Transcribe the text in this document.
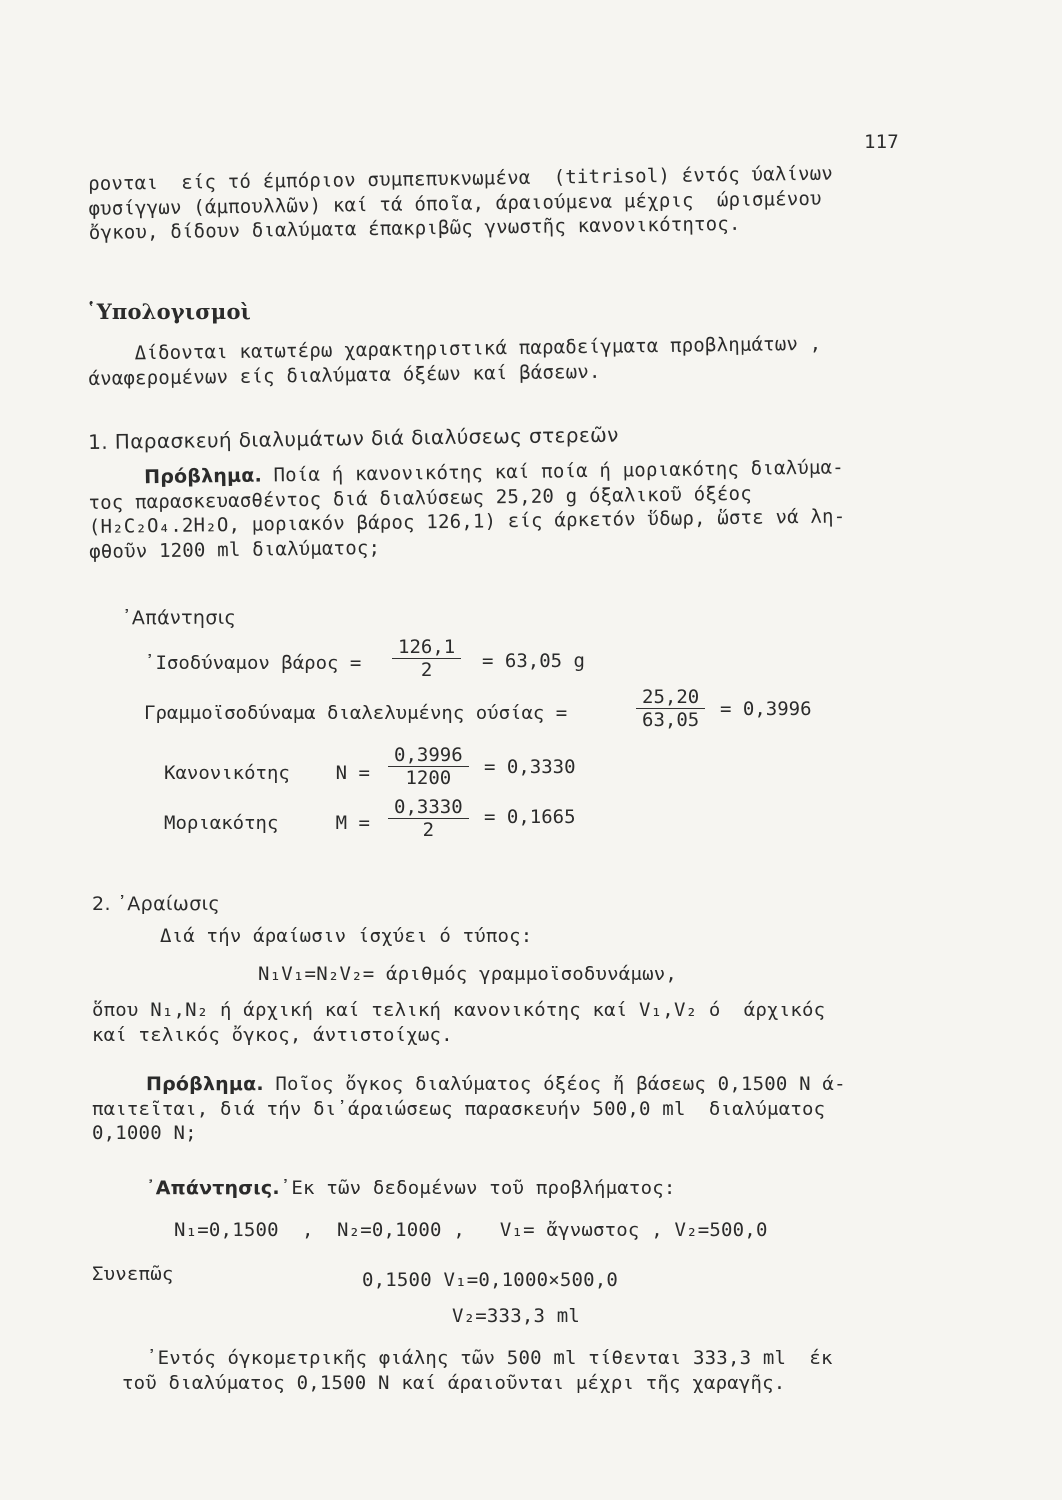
117
ρονται  είς τό έμπόριον συμπεπυκνωμένα  (titrisol) έντός ύαλίνων
φυσίγγων (άμπουλλῶν) καί τά όποῖα, άραιούμενα μέχρις  ώρισμένου
ὄγκου, δίδουν διαλύματα έπακριβῶς γνωστῆς κανονικότητος.
῾Υπολογισμοὶ
Δίδονται κατωτέρω χαρακτηριστικά παραδείγματα προβλημάτων ,
άναφερομένων είς διαλύματα όξέων καί βάσεων.
1. Παρασκευή διαλυμάτων διά διαλύσεως στερεῶν
Πρόβλημα. Ποία ή κανονικότης καί ποία ή μοριακότης διαλύμα-
τος παρασκευασθέντος διά διαλύσεως 25,20 g όξαλικοῦ όξέος
(H₂C₂O₄.2H₂O, μοριακόν βάρος 126,1) είς άρκετόν ὕδωρ, ὥστε νά λη-
φθοῦν 1200 ml διαλύματος;
᾿Απάντησις
᾿Ισοδύναμον $\beta ά\rho o\varsigma = \frac{126,1}{2} = 63,05$ g
Γραμμοϊσοδύναμα διαλελυμένης ούσίας =	$\frac{25,20}{63,05} = 0,3996$
Κανονικότης    $N = \frac{0,3996}{1200} = 0,3330$
Μοριακότης     $M = \frac{0,3330}{2} = 0,1665$
2. ᾿Αραίωσις
Διά τήν άραίωσιν ίσχύει ό τύπος:
N₁V₁=N₂V₂= άριθμός γραμμοϊσοδυνάμων,
ὅπου N₁,N₂ ή άρχική καί τελική κανονικότης καί V₁,V₂ ό  άρχικός
καί τελικός ὄγκος, άντιστοίχως.
Πρόβλημα. Ποῖος ὄγκος διαλύματος όξέος ἤ βάσεως 0,1500 N ά-
παιτεῖται, διά τήν δι᾿άραιώσεως παρασκευήν 500,0 ml  διαλύματος
0,1000 N;
᾿Απάντησις.᾿Εκ τῶν δεδομένων τοῦ προβλήματος:
N₁=0,1500  ,  N₂=0,1000 ,   V₁= ἄγνωστος , V₂=500,0
Συνεπῶς	0,1500 V₁=0,1000×500,0
V₂=333,3 ml
᾿Εντός όγκομετρικῆς φιάλης τῶν 500 ml τίθενται 333,3 ml  έκ
τοῦ διαλύματος 0,1500 N καί άραιοῦνται μέχρι τῆς χαραγῆς.
